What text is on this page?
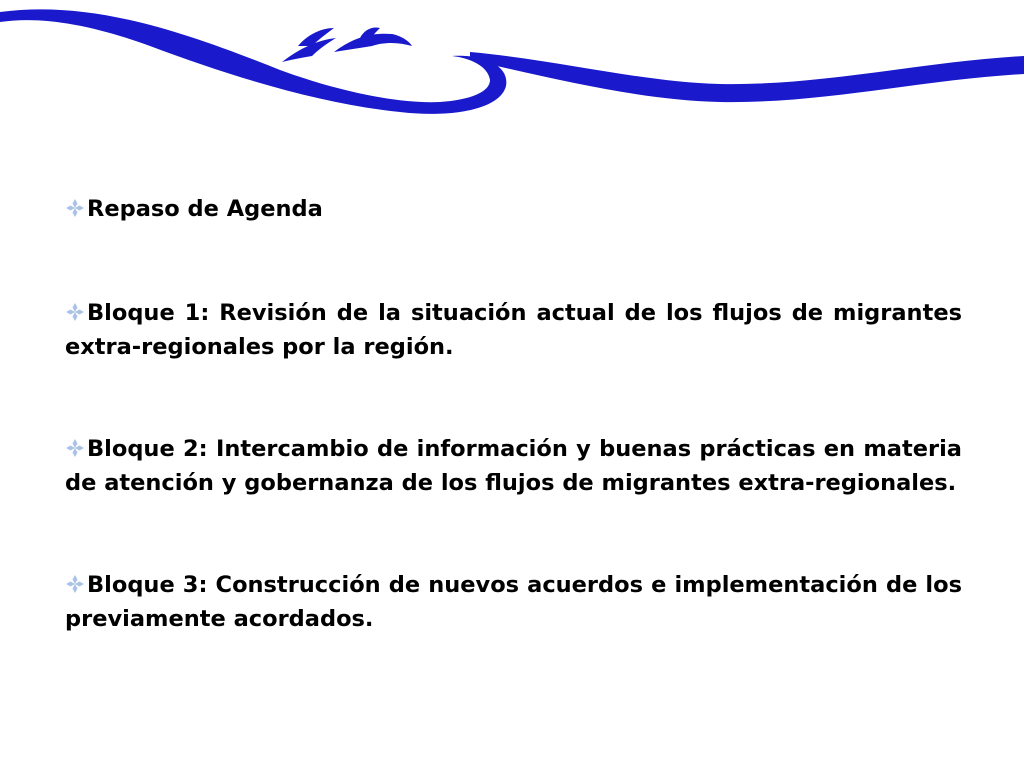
Repaso de Agenda
Bloque 1: Revisión de la situación actual de los flujos de migrantes extra-regionales por la región.
Bloque 2: Intercambio de información y buenas prácticas en materia de atención y gobernanza de los flujos de migrantes extra-regionales.
Bloque 3: Construcción de nuevos acuerdos e implementación de los previamente acordados.
